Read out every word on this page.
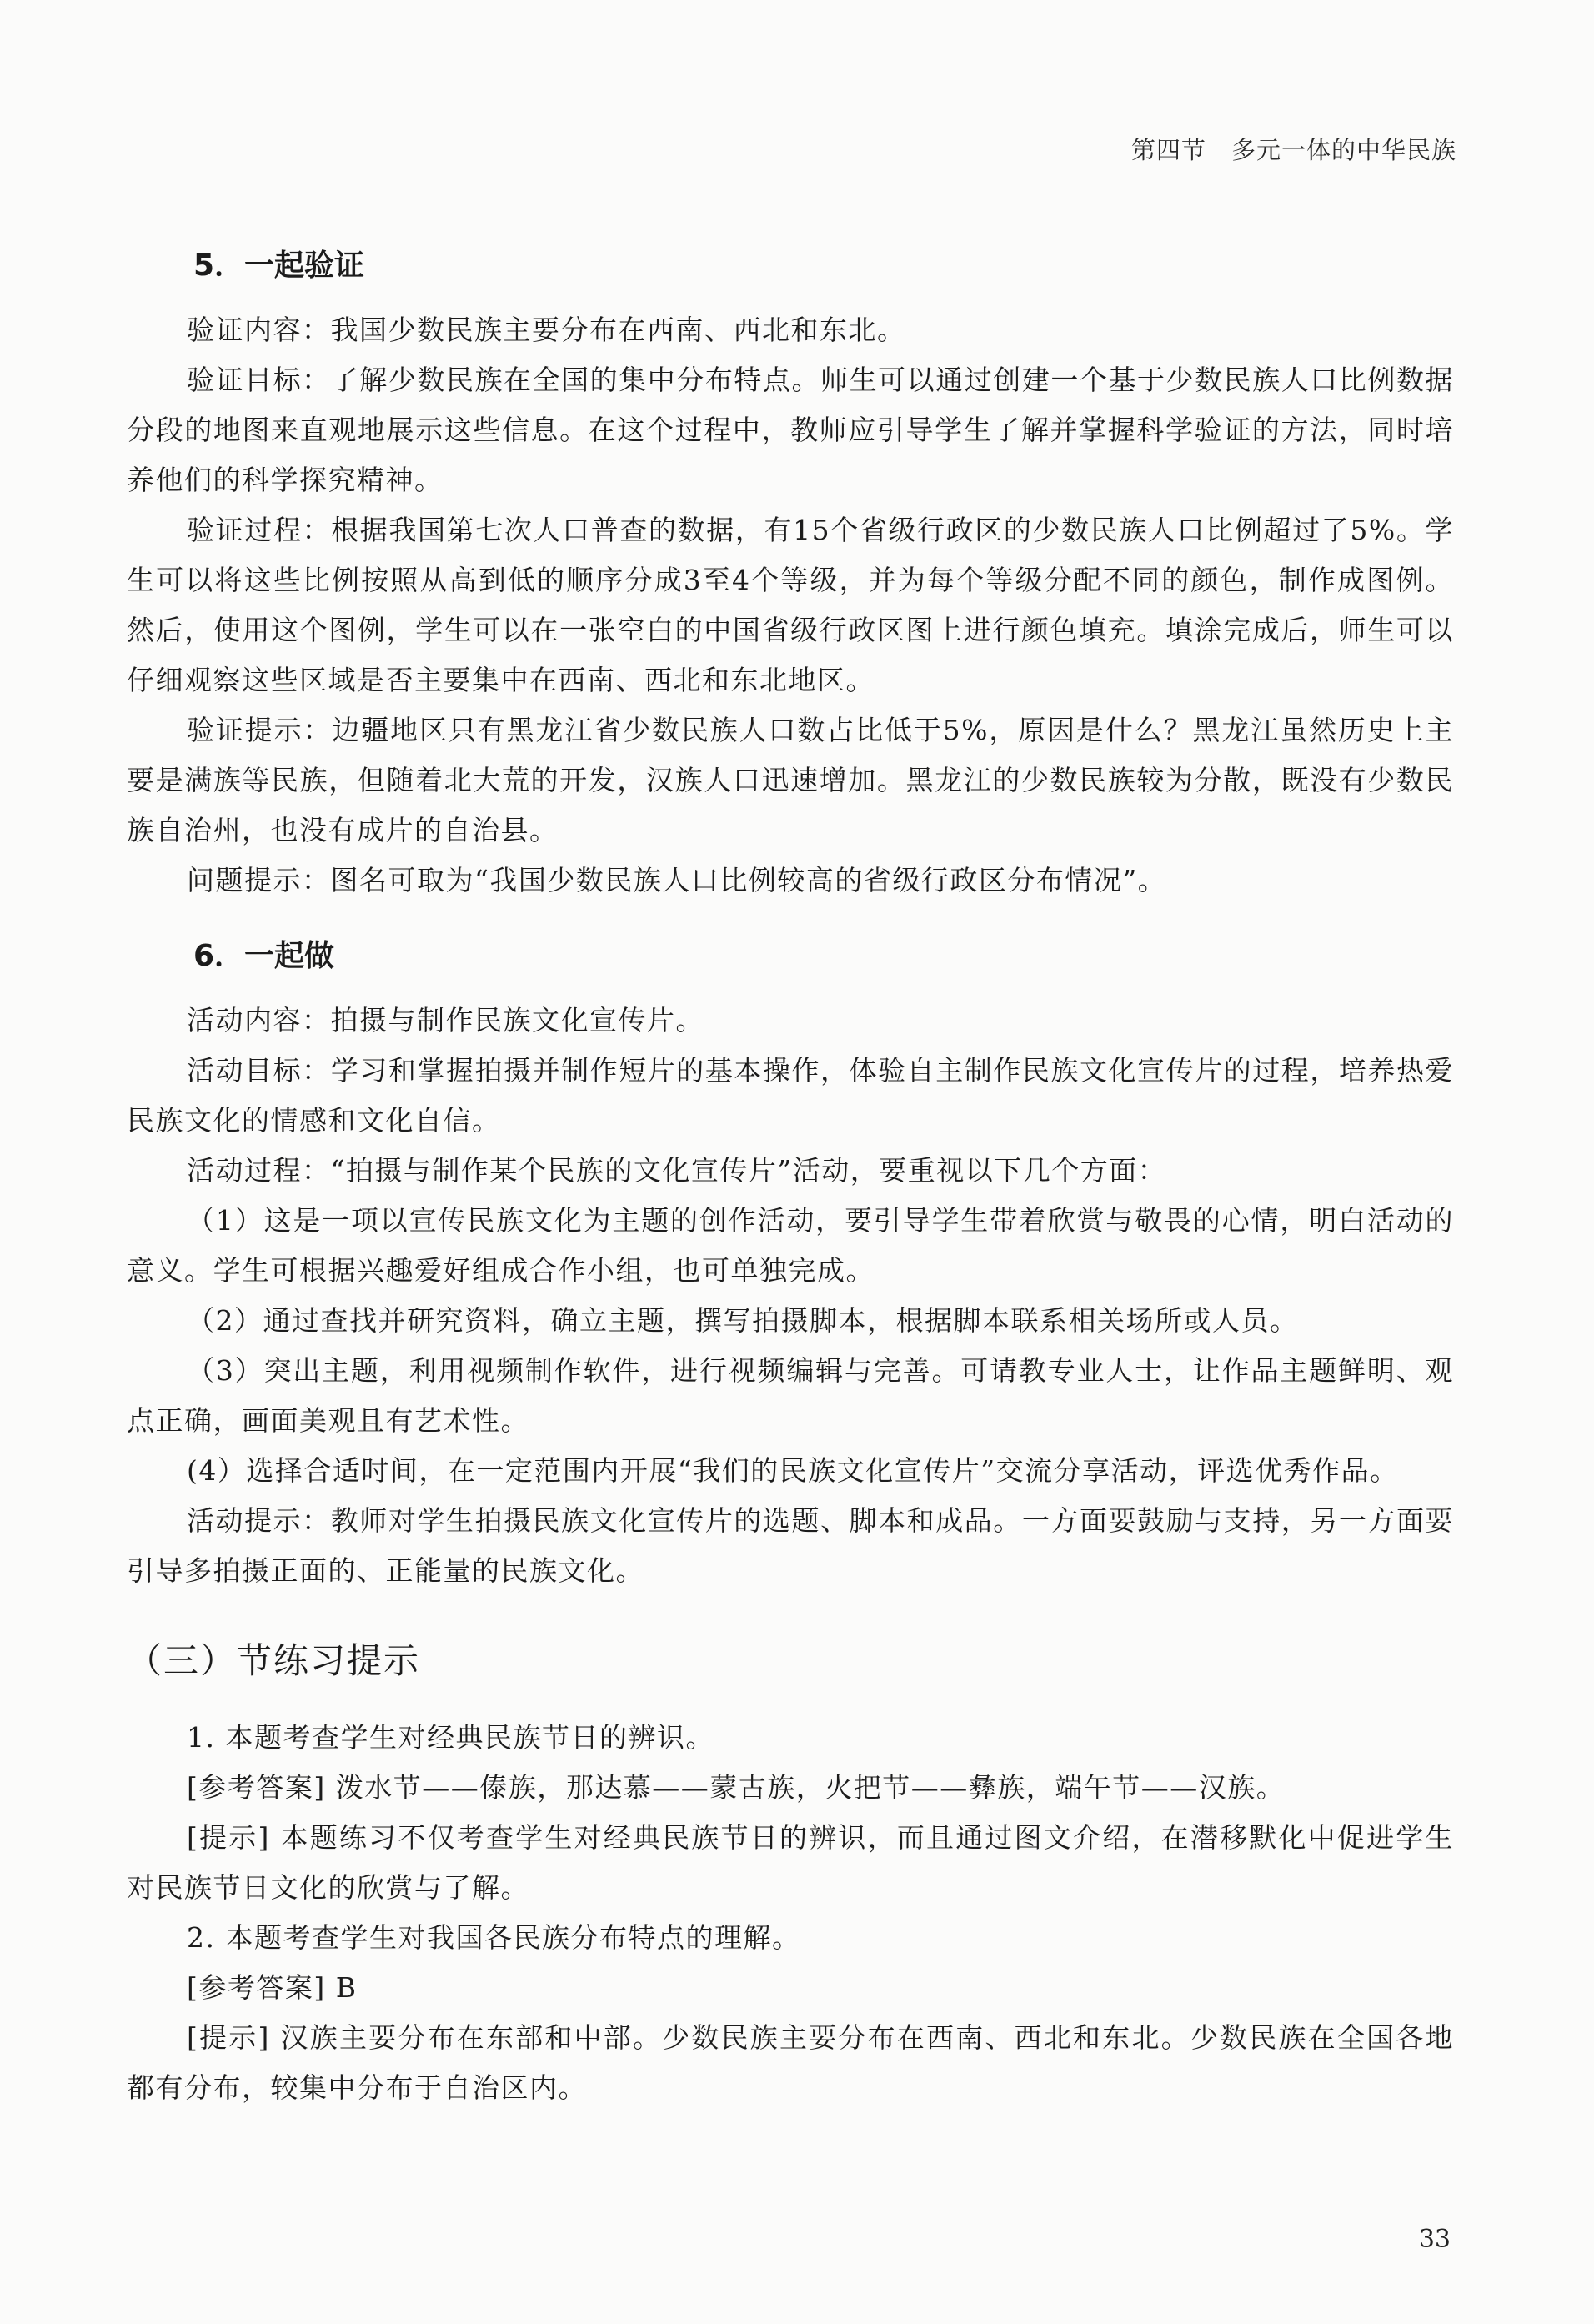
第四节　多元一体的中华民族
5．一起验证

验证内容：我国少数民族主要分布在西南、西北和东北。

验证目标：了解少数民族在全国的集中分布特点。师生可以通过创建一个基于少数民族人口比例数据分段的地图来直观地展示这些信息。在这个过程中，教师应引导学生了解并掌握科学验证的方法，同时培养他们的科学探究精神。

验证过程：根据我国第七次人口普查的数据，有15个省级行政区的少数民族人口比例超过了5%。学生可以将这些比例按照从高到低的顺序分成3至4个等级，并为每个等级分配不同的颜色，制作成图例。然后，使用这个图例，学生可以在一张空白的中国省级行政区图上进行颜色填充。填涂完成后，师生可以仔细观察这些区域是否主要集中在西南、西北和东北地区。

验证提示：边疆地区只有黑龙江省少数民族人口数占比低于5%，原因是什么？黑龙江虽然历史上主要是满族等民族，但随着北大荒的开发，汉族人口迅速增加。黑龙江的少数民族较为分散，既没有少数民族自治州，也没有成片的自治县。

问题提示：图名可取为“我国少数民族人口比例较高的省级行政区分布情况”。

6．一起做

活动内容：拍摄与制作民族文化宣传片。

活动目标：学习和掌握拍摄并制作短片的基本操作，体验自主制作民族文化宣传片的过程，培养热爱民族文化的情感和文化自信。

活动过程：“拍摄与制作某个民族的文化宣传片”活动，要重视以下几个方面：

（1）这是一项以宣传民族文化为主题的创作活动，要引导学生带着欣赏与敬畏的心情，明白活动的意义。学生可根据兴趣爱好组成合作小组，也可单独完成。

（2）通过查找并研究资料，确立主题，撰写拍摄脚本，根据脚本联系相关场所或人员。

（3）突出主题，利用视频制作软件，进行视频编辑与完善。可请教专业人士，让作品主题鲜明、观点正确，画面美观且有艺术性。

(4）选择合适时间，在一定范围内开展“我们的民族文化宣传片”交流分享活动，评选优秀作品。

活动提示：教师对学生拍摄民族文化宣传片的选题、脚本和成品。一方面要鼓励与支持，另一方面要引导多拍摄正面的、正能量的民族文化。

（三）节练习提示

1. 本题考查学生对经典民族节日的辨识。

[参考答案] 泼水节——傣族，那达慕——蒙古族，火把节——彝族，端午节——汉族。

[提示] 本题练习不仅考查学生对经典民族节日的辨识，而且通过图文介绍，在潜移默化中促进学生对民族节日文化的欣赏与了解。

2. 本题考查学生对我国各民族分布特点的理解。

[参考答案] B

[提示] 汉族主要分布在东部和中部。少数民族主要分布在西南、西北和东北。少数民族在全国各地都有分布，较集中分布于自治区内。

33
